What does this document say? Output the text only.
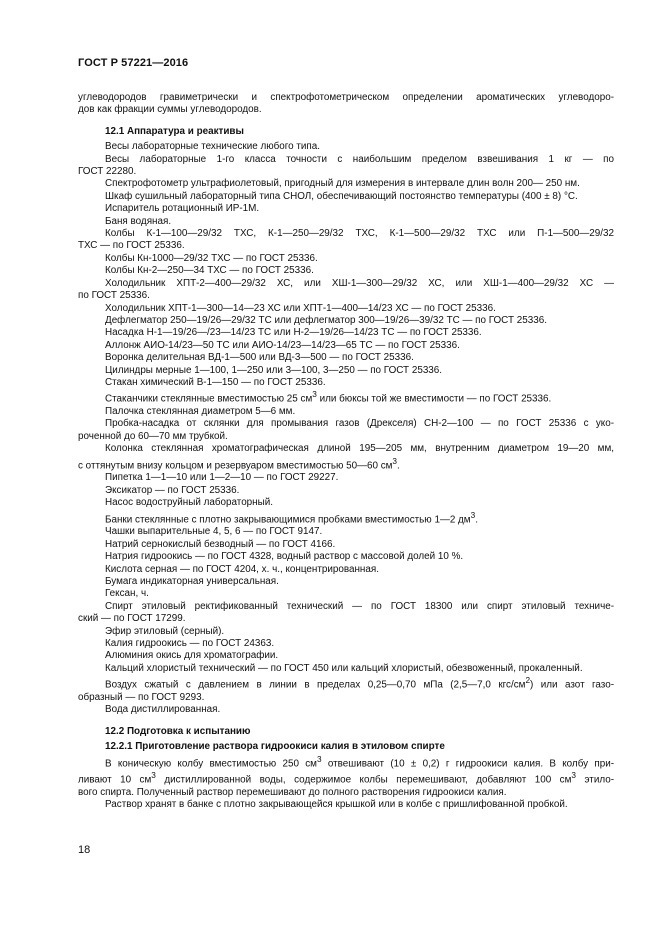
ГОСТ Р 57221—2016

углеводородов гравиметрически и спектрофотометрическом определении ароматических углеводоро-

дов как фракции суммы углеводородов.

12.1 Аппаратура и реактивы

Весы лабораторные технические любого типа.

Весы лабораторные 1-го класса точности с наибольшим пределом взвешивания 1 кг — по

ГОСТ 22280.

Спектрофотометр ультрафиолетовый, пригодный для измерения в интервале длин волн 200— 250 нм.

Шкаф сушильный лабораторный типа СНОЛ, обеспечивающий постоянство температуры (400 ± 8) °С.

Испаритель ротационный ИР-1М.

Баня водяная.

Колбы К-1—100—29/32 ТХС, К-1—250—29/32 ТХС, К-1—500—29/32 ТХС или П-1—500—29/32

ТХС — по ГОСТ 25336.

Колбы Кн-1000—29/32 ТХС — по ГОСТ 25336.

Колбы Кн-2—250—34 ТХС — по ГОСТ 25336.

Холодильник ХПТ-2—400—29/32 ХС, или ХШ-1—300—29/32 ХС, или ХШ-1—400—29/32 ХС —

по ГОСТ 25336.

Холодильник ХПТ-1—300—14—23 ХС или ХПТ-1—400—14/23 ХС — по ГОСТ 25336.

Дефлегматор 250—19/26—29/32 ТС или дефлегматор 300—19/26—39/32 ТС — по ГОСТ 25336.

Насадка Н-1—19/26—/23—14/23 ТС или Н-2—19/26—14/23 ТС — по ГОСТ 25336.

Аллонж АИО-14/23—50 ТС или АИО-14/23—14/23—65 ТС — по ГОСТ 25336.

Воронка делительная ВД-1—500 или ВД-3—500 — по ГОСТ 25336.

Цилиндры мерные 1—100, 1—250 или 3—100, 3—250 — по ГОСТ 25336.

Стакан химический В-1—150 — по ГОСТ 25336.

Стаканчики стеклянные вместимостью 25 $см^3$ или бюксы той же вместимости — по ГОСТ 25336.

Палочка стеклянная диаметром 5—6 мм.

Пробка-насадка от склянки для промывания газов (Дрекселя) СН-2—100 — по ГОСТ 25336 с уко-

роченной до 60—70 мм трубкой.

Колонка стеклянная хроматографическая длиной 195—205 мм, внутренним диаметром 19—20 мм,

с оттянутым внизу кольцом и резервуаром вместимостью 50—60 $см^3$.

Пипетка 1—1—10 или 1—2—10 — по ГОСТ 29227.

Эксикатор — по ГОСТ 25336.

Насос водоструйный лабораторный.

Банки стеклянные с плотно закрывающимися пробками вместимостью 1—2 $дм^3$.

Чашки выпарительные 4, 5, 6 — по ГОСТ 9147.

Натрий сернокислый безводный — по ГОСТ 4166.

Натрия гидроокись — по ГОСТ 4328, водный раствор с массовой долей 10 %.

Кислота серная — по ГОСТ 4204, х. ч., концентрированная.

Бумага индикаторная универсальная.

Гексан, ч.

Спирт этиловый ректификованный технический — по ГОСТ 18300 или спирт этиловый техниче-

ский — по ГОСТ 17299.

Эфир этиловый (серный).

Калия гидроокись — по ГОСТ 24363.

Алюминия окись для хроматографии.

Кальций хлористый технический — по ГОСТ 450 или кальций хлористый, обезвоженный, прокаленный.

Воздух сжатый с давлением в линии в пределах 0,25—0,70 мПа (2,5—7,0 кгс/$см^2$) или азот газо-

образный — по ГОСТ 9293.

Вода дистиллированная.

12.2 Подготовка к испытанию

12.2.1 Приготовление раствора гидроокиси калия в этиловом спирте

В коническую колбу вместимостью 250 $см^3$ отвешивают (10 ± 0,2) г гидроокиси калия. В колбу при-

ливают 10 $см^3$ дистиллированной воды, содержимое колбы перемешивают, добавляют 100 $см^3$ этило-

вого спирта. Полученный раствор перемешивают до полного растворения гидроокиси калия.

Раствор хранят в банке с плотно закрывающейся крышкой или в колбе с пришлифованной пробкой.

18
